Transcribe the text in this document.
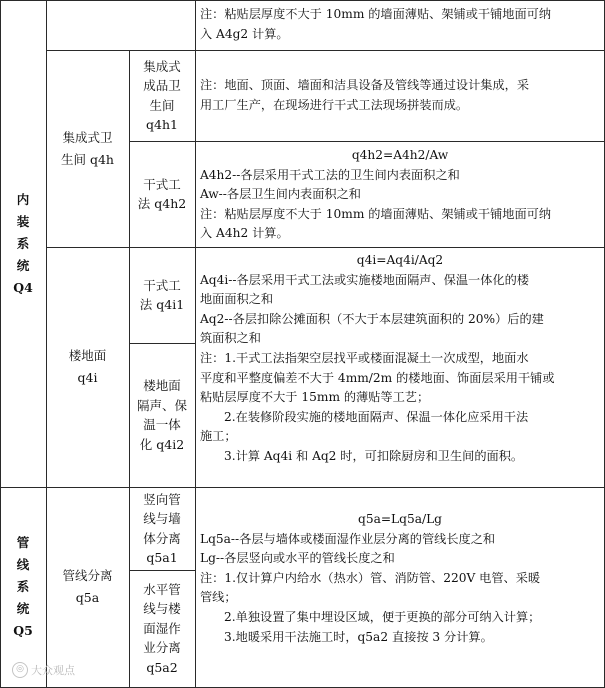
内
装
系
统
Q4

注：粘贴层厚度不大于 10mm 的墙面薄贴、架铺或干铺地面可纳

入 A4g2 计算。

集成式卫
生间 q4h
集成式
成品卫
生间
q4h1

注：地面、顶面、墙面和洁具设备及管线等通过设计集成，采

用工厂生产，在现场进行干式工法现场拼装而成。

干式工
法 q4h2

q4h2=A4h2/Aw

A4h2--各层采用干式工法的卫生间内表面积之和

Aw--各层卫生间内表面积之和

注：粘贴层厚度不大于 10mm 的墙面薄贴、架铺或干铺地面可纳

入 A4h2 计算。

楼地面
q4i
干式工
法 q4i1
楼地面
隔声、保
温一体
化 q4i2

q4i=Aq4i/Aq2

Aq4i--各层采用干式工法或实施楼地面隔声、保温一体化的楼

地面面积之和

Aq2--各层扣除公摊面积（不大于本层建筑面积的 20%）后的建

筑面积之和

注：1.干式工法指架空层找平或楼面混凝土一次成型，地面水

平度和平整度偏差不大于 4mm/2m 的楼地面、饰面层采用干铺或

粘贴层厚度不大于 15mm 的薄贴等工艺；

2.在装修阶段实施的楼地面隔声、保温一体化应采用干法

施工；

3.计算 Aq4i 和 Aq2 时，可扣除厨房和卫生间的面积。

管
线
系
统
Q5
管线分离
q5a
竖向管
线与墙
体分离
q5a1
水平管
线与楼
面湿作
业分离
q5a2

q5a=Lq5a/Lg

Lq5a--各层与墙体或楼面湿作业层分离的管线长度之和

Lg--各层竖向或水平的管线长度之和

注：1.仅计算户内给水（热水）管、消防管、220V 电管、采暖

管线；

2.单独设置了集中埋设区域，便于更换的部分可纳入计算；

3.地暖采用干法施工时，q5a2 直接按 3 分计算。

◎ 大众观点
